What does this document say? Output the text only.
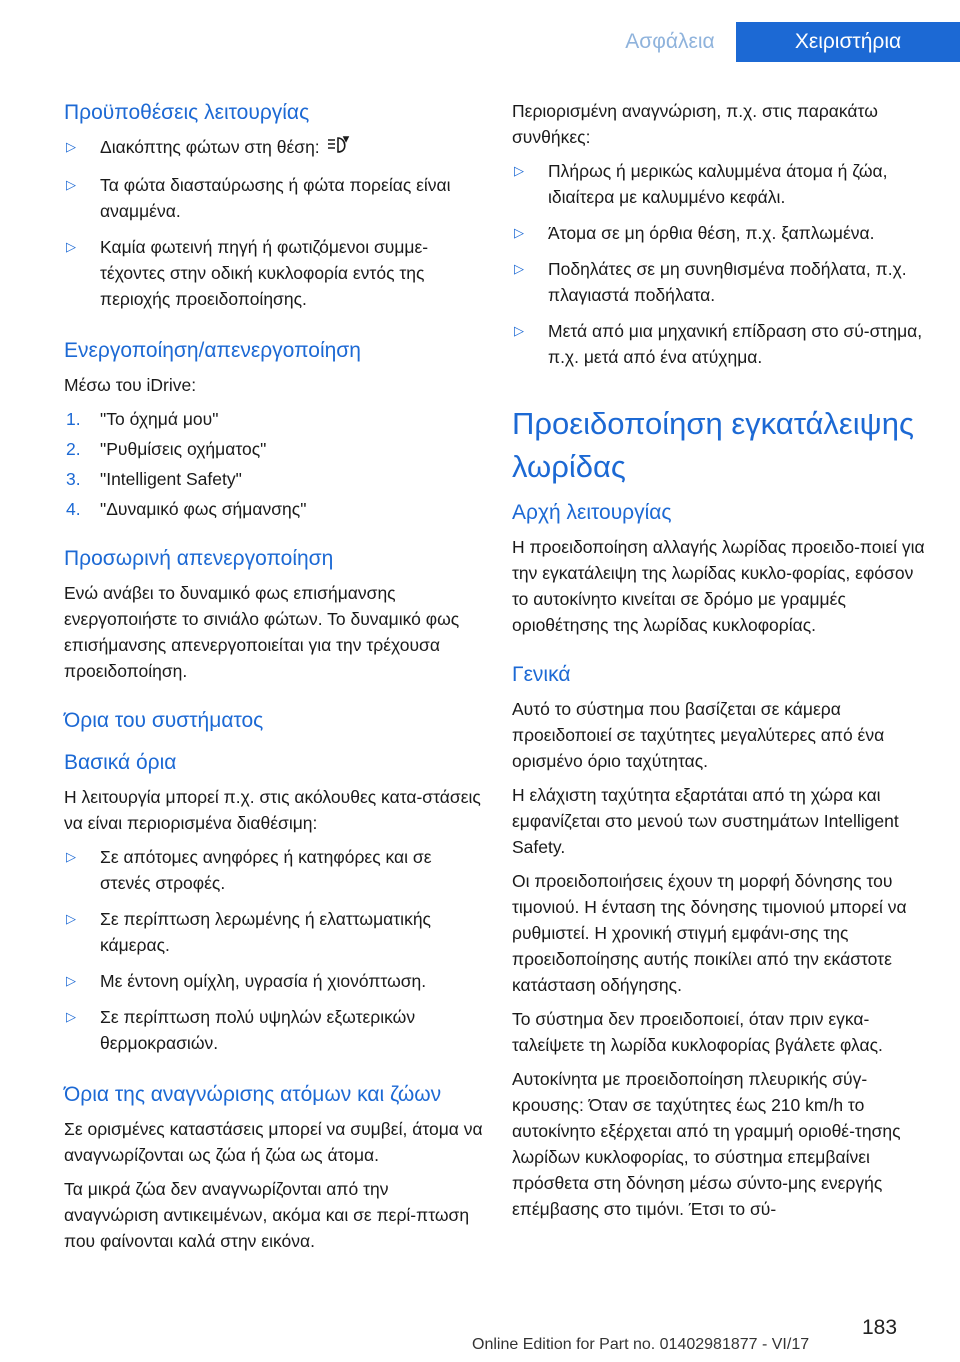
Ασφάλεια	Χειριστήρια
Προϋποθέσεις λειτουργίας
▷ Διακόπτης φώτων στη θέση:
▷ Τα φώτα διασταύρωσης ή φώτα πορείας είναι αναμμένα.
▷ Καμία φωτεινή πηγή ή φωτιζόμενοι συμμε-τέχοντες στην οδική κυκλοφορία εντός της περιοχής προειδοποίησης.
Ενεργοποίηση/απενεργοποίηση
Μέσω του iDrive:
1. "Το όχημά μου"
2. "Ρυθμίσεις οχήματος"
3. "Intelligent Safety"
4. "Δυναμικό φως σήμανσης"
Προσωρινή απενεργοποίηση
Ενώ ανάβει το δυναμικό φως επισήμανσης ενεργοποιήστε το σινιάλο φώτων. Το δυναμικό φως επισήμανσης απενεργοποιείται για την τρέχουσα προειδοποίηση.
Όρια του συστήματος
Βασικά όρια
Η λειτουργία μπορεί π.χ. στις ακόλουθες κατα-στάσεις να είναι περιορισμένα διαθέσιμη:
▷ Σε απότομες ανηφόρες ή κατηφόρες και σε στενές στροφές.
▷ Σε περίπτωση λερωμένης ή ελαττωματικής κάμερας.
▷ Με έντονη ομίχλη, υγρασία ή χιονόπτωση.
▷ Σε περίπτωση πολύ υψηλών εξωτερικών θερμοκρασιών.
Όρια της αναγνώρισης ατόμων και ζώων
Σε ορισμένες καταστάσεις μπορεί να συμβεί, άτομα να αναγνωρίζονται ως ζώα ή ζώα ως άτομα.
Τα μικρά ζώα δεν αναγνωρίζονται από την αναγνώριση αντικειμένων, ακόμα και σε περί-πτωση που φαίνονται καλά στην εικόνα.
Περιορισμένη αναγνώριση, π.χ. στις παρακάτω συνθήκες:
▷ Πλήρως ή μερικώς καλυμμένα άτομα ή ζώα, ιδιαίτερα με καλυμμένο κεφάλι.
▷ Άτομα σε μη όρθια θέση, π.χ. ξαπλωμένα.
▷ Ποδηλάτες σε μη συνηθισμένα ποδήλατα, π.χ. πλαγιαστά ποδήλατα.
▷ Μετά από μια μηχανική επίδραση στο σύ-στημα, π.χ. μετά από ένα ατύχημα.
Προειδοποίηση εγκατάλειψης λωρίδας
Αρχή λειτουργίας
Η προειδοποίηση αλλαγής λωρίδας προειδο-ποιεί για την εγκατάλειψη της λωρίδας κυκλο-φορίας, εφόσον το αυτοκίνητο κινείται σε δρόμο με γραμμές οριοθέτησης της λωρίδας κυκλοφορίας.
Γενικά
Αυτό το σύστημα που βασίζεται σε κάμερα προειδοποιεί σε ταχύτητες μεγαλύτερες από ένα ορισμένο όριο ταχύτητας.
Η ελάχιστη ταχύτητα εξαρτάται από τη χώρα και εμφανίζεται στο μενού των συστημάτων Intelligent Safety.
Οι προειδοποιήσεις έχουν τη μορφή δόνησης του τιμονιού. Η ένταση της δόνησης τιμονιού μπορεί να ρυθμιστεί. Η χρονική στιγμή εμφάνι-σης της προειδοποίησης αυτής ποικίλει από την εκάστοτε κατάσταση οδήγησης.
Το σύστημα δεν προειδοποιεί, όταν πριν εγκα-ταλείψετε τη λωρίδα κυκλοφορίας βγάλετε φλας.
Αυτοκίνητα με προειδοποίηση πλευρικής σύγ-κρουσης: Όταν σε ταχύτητες έως 210 km/h το αυτοκίνητο εξέρχεται από τη γραμμή οριοθέ-τησης λωρίδων κυκλοφορίας, το σύστημα επεμβαίνει πρόσθετα στη δόνηση μέσω σύντο-μης ενεργής επέμβασης στο τιμόνι. Έτσι το σύ-
183
Online Edition for Part no. 01402981877 - VI/17
